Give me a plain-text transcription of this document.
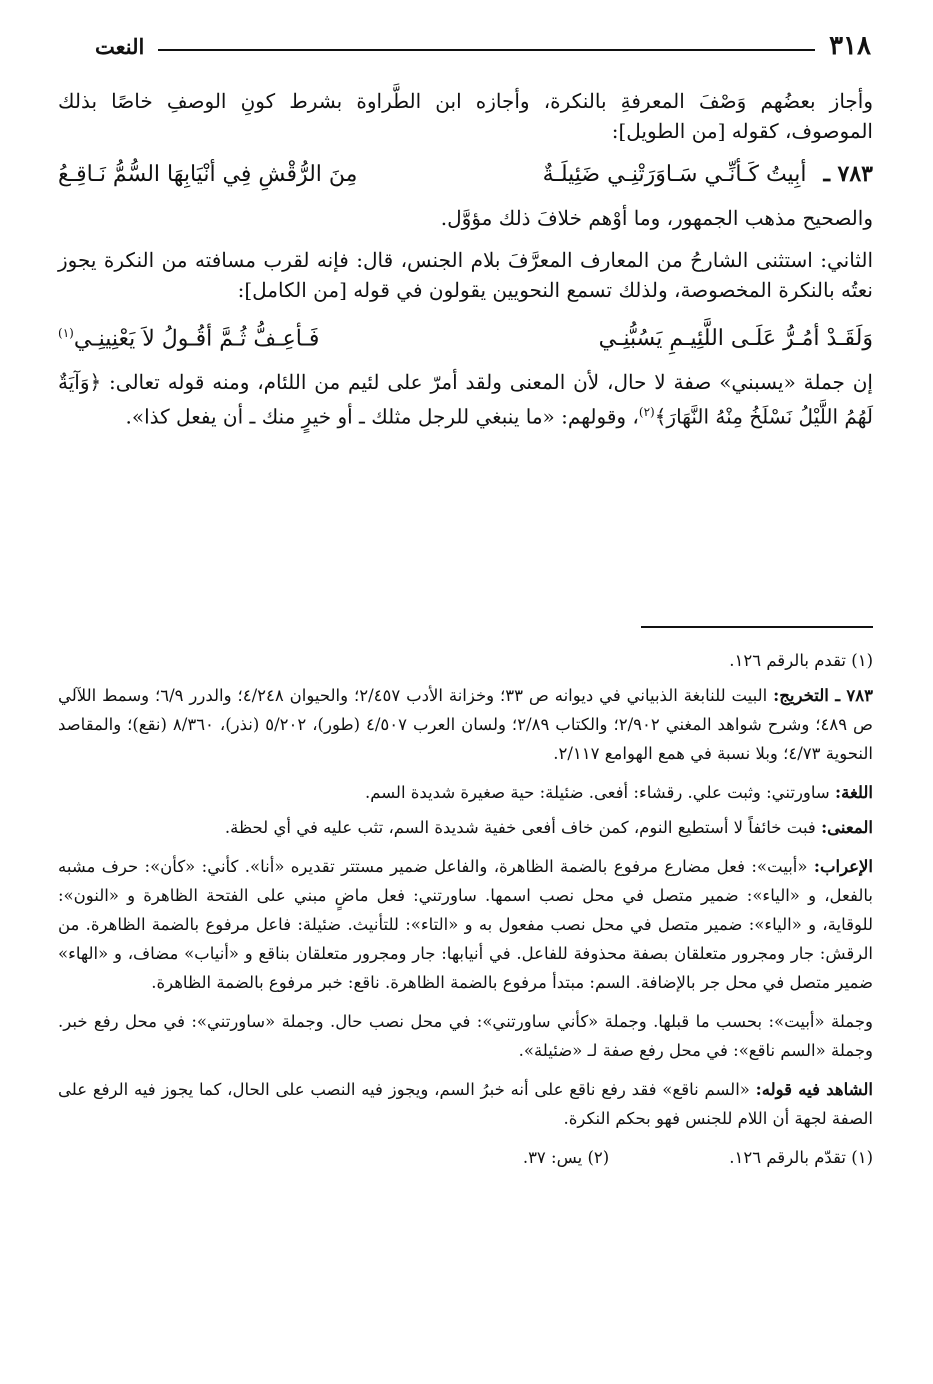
٣١٨
النعت

وأجاز بعضُهم وَصْفَ المعرفةِ بالنكرة، وأجازه ابن الطَّراوة بشرط كونِ الوصفِ خاصًا بذلك الموصوف، كقوله [من الطويل]:

٧٨٣ ـ أبِيتُ كَـأنِّـي سَـاوَرَتْنِـي ضَئِيلَـةٌ
مِنَ الرُّقْشِ فِي أنْيَابِهَا السُّمُّ نَـاقِـعُ

والصحيح مذهب الجمهور، وما أوْهم خلافَ ذلك مؤوَّل.

الثاني: استثنى الشارحُ من المعارف المعرَّفَ بلام الجنس، قال: فإنه لقرب مسافته من النكرة يجوز نعتُه بالنكرة المخصوصة، ولذلك تسمع النحويين يقولون في قوله [من الكامل]:

وَلَقَـدْ أمُـرُّ عَلَـى اللَّئِيـمِ يَسُبُّنِـي
فَـأعِـفُّ ثُـمَّ أقُـولُ لاَ يَعْنِينِـي$^{(١)}$

إن جملة «يسبني» صفة لا حال، لأن المعنى ولقد أمرّ على لئيم من اللئام، ومنه قوله تعالى: ﴿وَآيَةٌ لَهُمُ اللَّيْلُ نَسْلَخُ مِنْهُ النَّهَارَ﴾$^{(٢)}$، وقولهم: «ما ينبغي للرجل مثلك ـ أو خيرٍ منك ـ أن يفعل كذا».

(١) تقدم بالرقم ١٢٦.

٧٨٣ ـ التخريج: البيت للنابغة الذبياني في ديوانه ص ٣٣؛ وخزانة الأدب ٢/٤٥٧؛ والحيوان ٤/٢٤٨؛ والدرر ٦/٩؛ وسمط اللآلي ص ٤٨٩؛ وشرح شواهد المغني ٢/٩٠٢؛ والكتاب ٢/٨٩؛ ولسان العرب ٤/٥٠٧ (طور)، ٥/٢٠٢ (نذر)، ٨/٣٦٠ (نقع)؛ والمقاصد النحوية ٤/٧٣؛ وبلا نسبة في همع الهوامع ٢/١١٧.

اللغة: ساورتني: وثبت علي. رقشاء: أفعى. ضئيلة: حية صغيرة شديدة السم.

المعنى: فبت خائفاً لا أستطيع النوم، كمن خاف أفعى خفية شديدة السم، تثب عليه في أي لحظة.

الإعراب: «أبيت»: فعل مضارع مرفوع بالضمة الظاهرة، والفاعل ضمير مستتر تقديره «أنا». كأني: «كأن»: حرف مشبه بالفعل، و «الياء»: ضمير متصل في محل نصب اسمها. ساورتني: فعل ماضٍ مبني على الفتحة الظاهرة و «النون»: للوقاية، و «الياء»: ضمير متصل في محل نصب مفعول به و «التاء»: للتأنيث. ضئيلة: فاعل مرفوع بالضمة الظاهرة. من الرقش: جار ومجرور متعلقان بصفة محذوفة للفاعل. في أنيابها: جار ومجرور متعلقان بناقع و «أنياب» مضاف، و «الهاء» ضمير متصل في محل جر بالإضافة. السم: مبتدأ مرفوع بالضمة الظاهرة. ناقع: خبر مرفوع بالضمة الظاهرة.

وجملة «أبيت»: بحسب ما قبلها. وجملة «كأني ساورتني»: في محل نصب حال. وجملة «ساورتني»: في محل رفع خبر. وجملة «السم ناقع»: في محل رفع صفة لـ «ضئيلة».

الشاهد فيه قوله: «السم ناقع» فقد رفع ناقع على أنه خبرُ السم، ويجوز فيه النصب على الحال، كما يجوز فيه الرفع على الصفة لجهة أن اللام للجنس فهو بحكم النكرة.

(١) تقدّم بالرقم ١٢٦.
(٢) يس: ٣٧.
